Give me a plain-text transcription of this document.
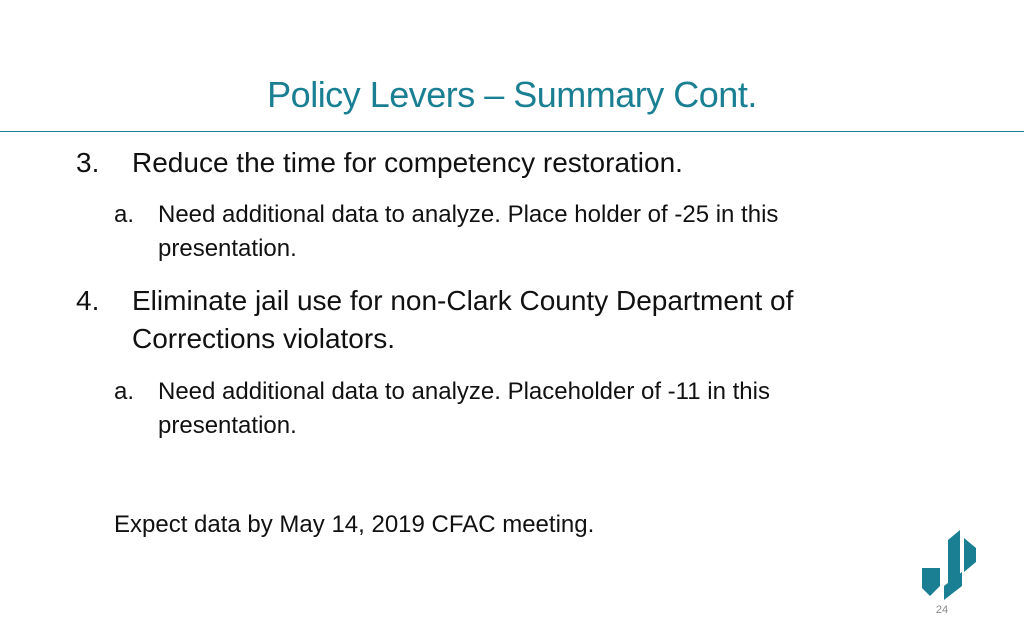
Policy Levers – Summary Cont.
3. Reduce the time for competency restoration.
a. Need additional data to analyze. Place holder of -25 in this
presentation.
4. Eliminate jail use for non-Clark County Department of
Corrections violators.
a. Need additional data to analyze. Placeholder of -11 in this
presentation.
Expect data by May 14, 2019 CFAC meeting.
24
